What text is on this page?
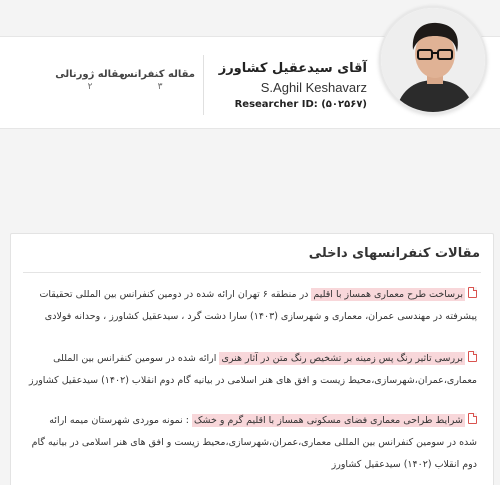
آقای سیدعقیل کشاورز
S.Aghil Keshavarz
Researcher ID: (۵۰۲۵۶۷)
مقاله کنفرانس
۳
مقاله ژورنالی
۲
مقالات کنفرانسهای داخلی
برساخت طرح معماری همساز با اقلیم در منطقه ۶ تهران ارائه شده در دومین کنفرانس بین المللی تحقیقات پیشرفته در مهندسی عمران، معماری و شهرسازی (۱۴۰۳) سارا دشت گرد ، سیدعقیل کشاورز ، وحدانه فولادی
بررسی تاثیر رنگ پس زمینه بر تشخیص رنگ متن در آثار هنری ارائه شده در سومین کنفرانس بین المللی معماری،عمران،شهرسازی،محیط زیست و افق های هنر اسلامی در بیانیه گام دوم انقلاب (۱۴۰۲) سیدعقیل کشاورز
شرایط طراحی معماری فضای مسکونی همساز با اقلیم گرم و خشک : نمونه موردی شهرستان میمه ارائه شده در سومین کنفرانس بین المللی معماری،عمران،شهرسازی،محیط زیست و افق های هنر اسلامی در بیانیه گام دوم انقلاب (۱۴۰۲) سیدعقیل کشاورز
